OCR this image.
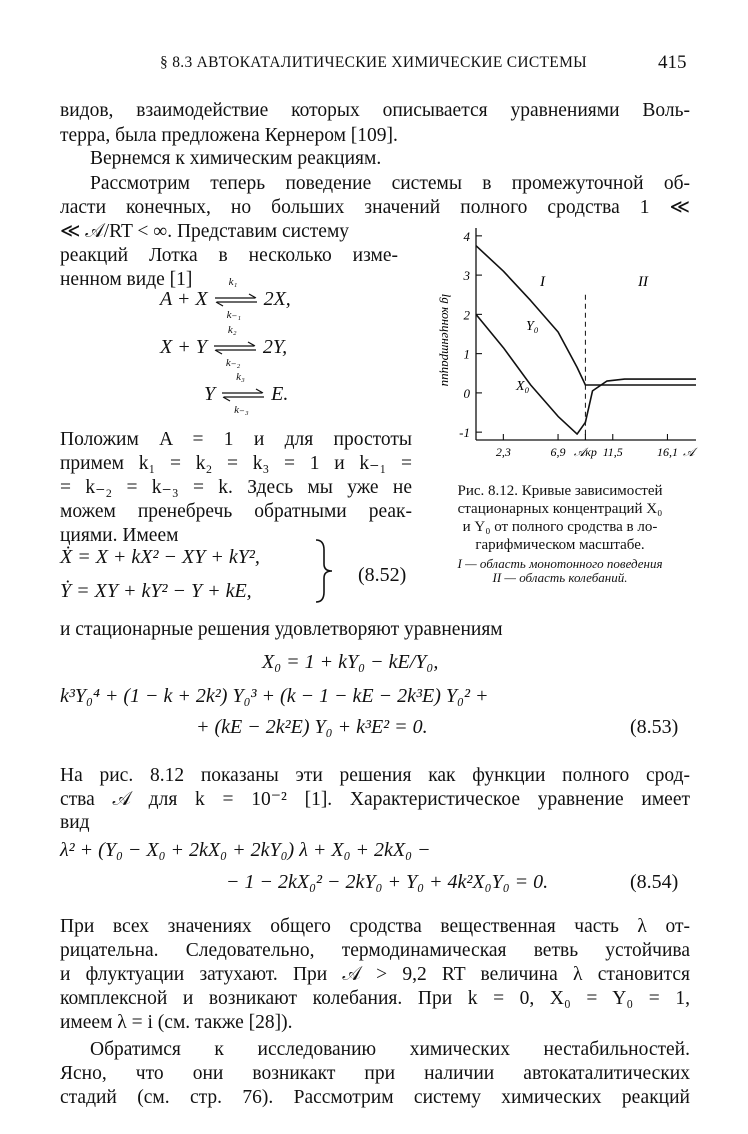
§ 8.3 АВТОКАТАЛИТИЧЕСКИЕ ХИМИЧЕСКИЕ СИСТЕМЫ	415
видов, взаимодействие которых описывается уравнениями Воль-
терра, была предложена Кернером [109].
Вернемся к химическим реакциям.
Рассмотрим теперь поведение системы в промежуточной об-
ласти конечных, но больших значений полного сродства 1 ≪
≪ 𝒜/RT < ∞. Представим систему
реакций Лотка в несколько изме-
ненном виде [1]
A + X
k₁
k₋₁
2X,
X + Y
k₂
k₋₂
2Y,
Y
k₃
k₋₃
E.
Положим A = 1 и для простоты
примем k₁ = k₂ = k₃ = 1 и k₋₁ =
= k₋₂ = k₋₃ = k. Здесь мы уже не
можем пренебречь обратными реак-
циями. Имеем
Ẋ = X + kX² − XY + kY²,
Ẏ = XY + kY² − Y + kE,
(8.52)
и стационарные решения удовлетворяют уравнениям
X₀ = 1 + kY₀ − kE/Y₀,
k³Y₀⁴ + (1 − k + 2k²) Y₀³ + (k − 1 − kE − 2k³E) Y₀² +
+ (kE − 2k²E) Y₀ + k³E² = 0.	(8.53)
На рис. 8.12 показаны эти решения как функции полного срод-
ства 𝒜 для k = 10⁻² [1]. Характеристическое уравнение имеет
вид
λ² + (Y₀ − X₀ + 2kX₀ + 2kY₀) λ + X₀ + 2kX₀ −
− 1 − 2kX₀² − 2kY₀ + Y₀ + 4k²X₀Y₀ = 0.	(8.54)
При всех значениях общего сродства вещественная часть λ от-
рицательна. Следовательно, термодинамическая ветвь устойчива
и флуктуации затухают. При 𝒜 > 9,2 RT величина λ становится
комплексной и возникают колебания. При k = 0, X₀ = Y₀ = 1,
имеем λ = i (см. также [28]).
Обратимся к исследованию химических нестабильностей.
Ясно, что они возникакт при наличии автокаталитических
стадий (см. стр. 76). Рассмотрим систему химических реакций
lg концентрации
I	II
Y₀
X₀
4
3
2
1
0
-1
2,3	6,9 𝒜кр 11,5	16,1 𝒜
Рис. 8.12. Кривые зависимостей
стационарных концентраций X₀
и Y₀ от полного сродства в ло-
гарифмическом масштабе.
I — область монотонного поведения
II — область колебаний.
